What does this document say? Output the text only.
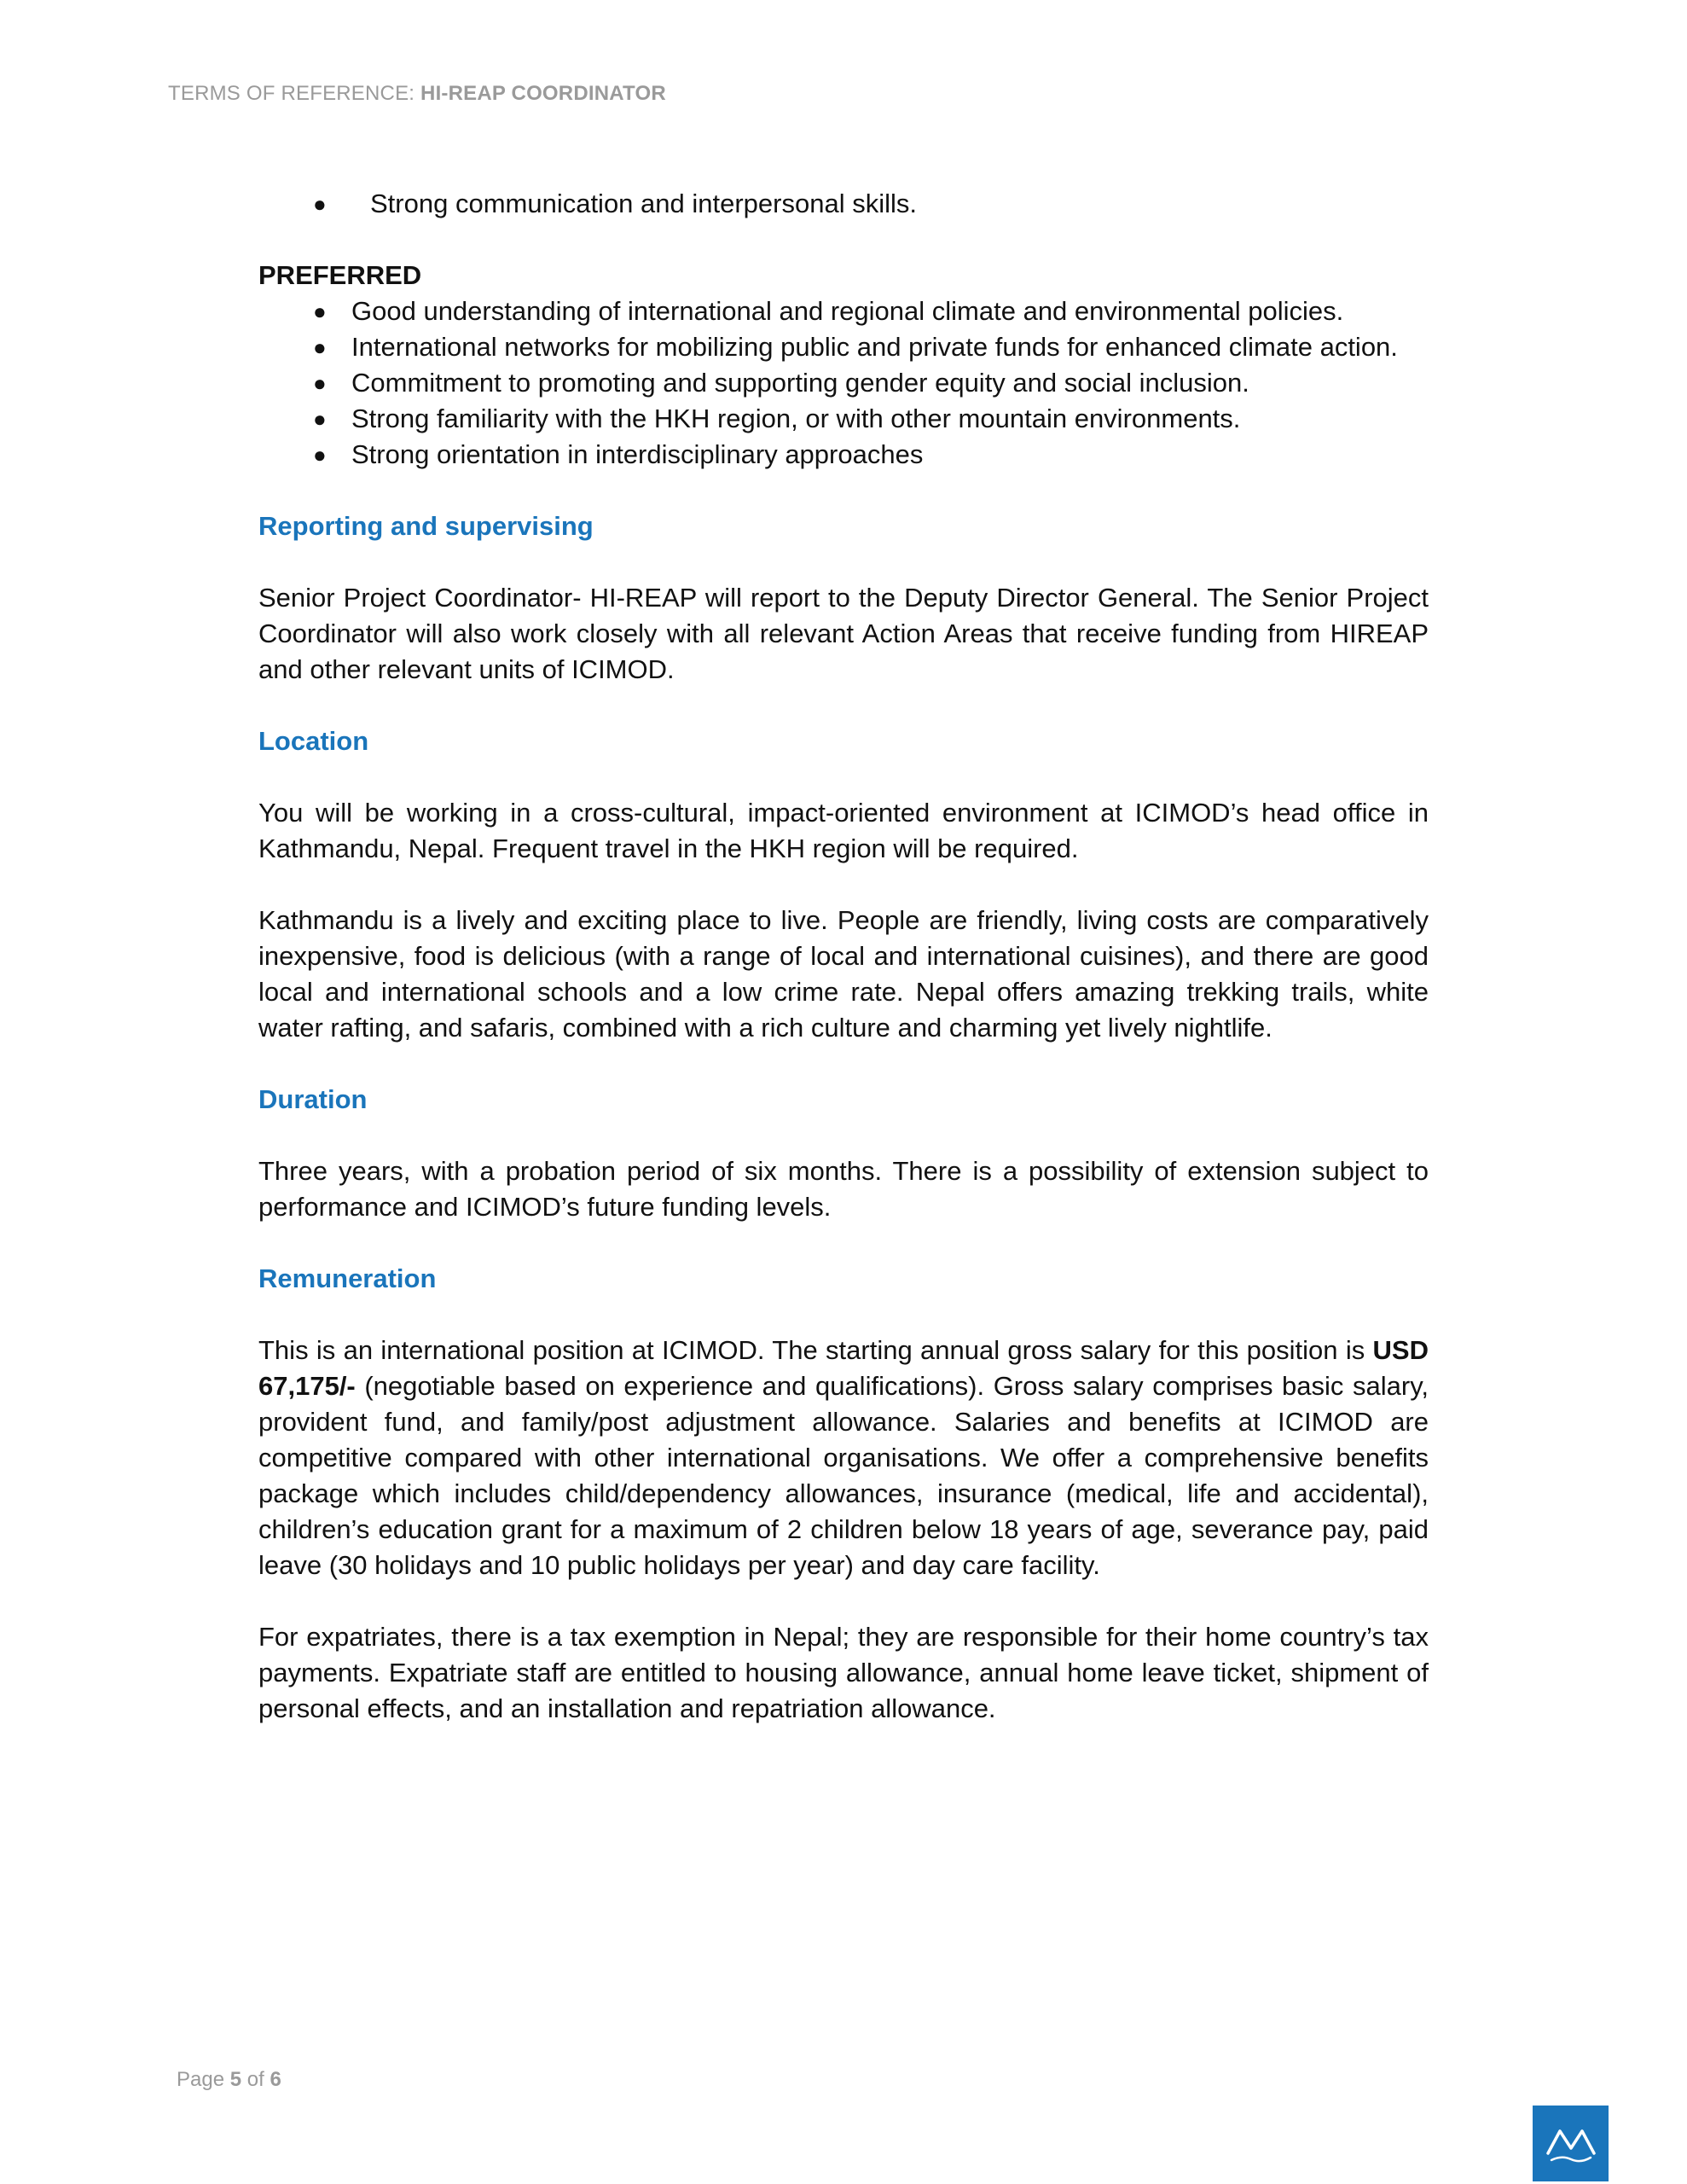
TERMS OF REFERENCE: HI-REAP COORDINATOR
● Strong communication and interpersonal skills.
PREFERRED
● Good understanding of international and regional climate and environmental policies.
● International networks for mobilizing public and private funds for enhanced climate action.
● Commitment to promoting and supporting gender equity and social inclusion.
● Strong familiarity with the HKH region, or with other mountain environments.
● Strong orientation in interdisciplinary approaches
Reporting and supervising

Senior Project Coordinator- HI-REAP will report to the Deputy Director General. The Senior Project Coordinator will also work closely with all relevant Action Areas that receive funding from HIREAP and other relevant units of ICIMOD.

Location

You will be working in a cross-cultural, impact-oriented environment at ICIMOD’s head office in Kathmandu, Nepal. Frequent travel in the HKH region will be required.

Kathmandu is a lively and exciting place to live. People are friendly, living costs are comparatively inexpensive, food is delicious (with a range of local and international cuisines), and there are good local and international schools and a low crime rate. Nepal offers amazing trekking trails, white water rafting, and safaris, combined with a rich culture and charming yet lively nightlife.

Duration

Three years, with a probation period of six months. There is a possibility of extension subject to performance and ICIMOD’s future funding levels.

Remuneration

This is an international position at ICIMOD. The starting annual gross salary for this position is USD 67,175/- (negotiable based on experience and qualifications). Gross salary comprises basic salary, provident fund, and family/post adjustment allowance. Salaries and benefits at ICIMOD are competitive compared with other international organisations. We offer a comprehensive benefits package which includes child/dependency allowances, insurance (medical, life and accidental), children’s education grant for a maximum of 2 children below 18 years of age, severance pay, paid leave (30 holidays and 10 public holidays per year) and day care facility.

For expatriates, there is a tax exemption in Nepal; they are responsible for their home country’s tax payments. Expatriate staff are entitled to housing allowance, annual home leave ticket, shipment of personal effects, and an installation and repatriation allowance.

Page 5 of 6
